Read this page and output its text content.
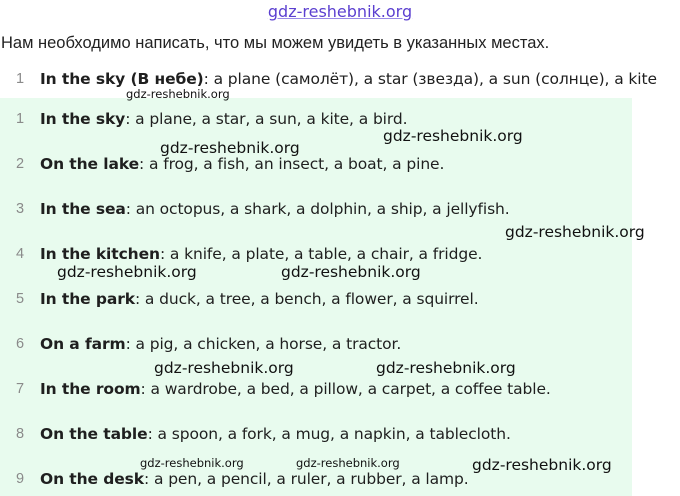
gdz-reshebnik.org
Нам необходимо написать, что мы можем увидеть в указанных местах.
1	In the sky (В небе): a plane (самолёт), a star (звезда), a sun (солнце), a kite
1	In the sky: a plane, a star, a sun, a kite, a bird.
2	On the lake: a frog, a fish, an insect, a boat, a pine.
3	In the sea: an octopus, a shark, a dolphin, a ship, a jellyfish.
4	In the kitchen: a knife, a plate, a table, a chair, a fridge.
5	In the park: a duck, a tree, a bench, a flower, a squirrel.
6	On a farm: a pig, a chicken, a horse, a tractor.
7	In the room: a wardrobe, a bed, a pillow, a carpet, a coffee table.
8	On the table: a spoon, a fork, a mug, a napkin, a tablecloth.
9	On the desk: a pen, a pencil, a ruler, a rubber, a lamp.
gdz-reshebnik.org
gdz-reshebnik.org
gdz-reshebnik.org
gdz-reshebnik.org
gdz-reshebnik.org	gdz-reshebnik.org
gdz-reshebnik.org	gdz-reshebnik.org
gdz-reshebnik.org	gdz-reshebnik.org	gdz-reshebnik.org
